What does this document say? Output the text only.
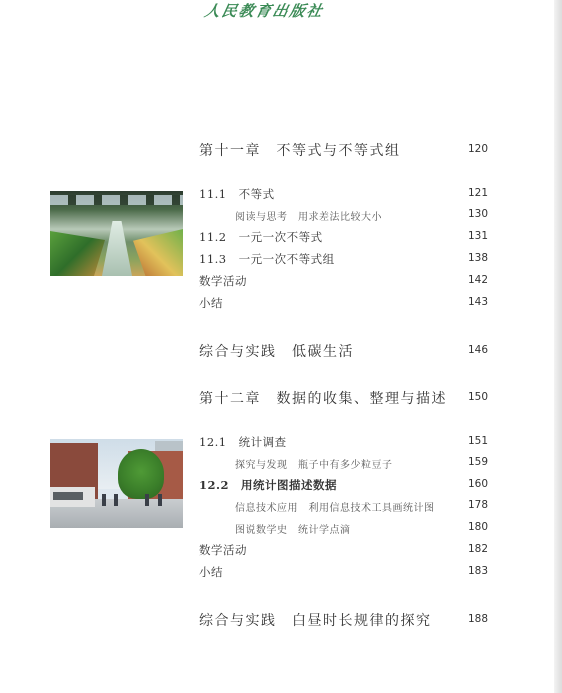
人民教育出版社
第十一章　不等式与不等式组	120
11.1　不等式	121
阅读与思考　用求差法比较大小	130
11.2　一元一次不等式	131
11.3　一元一次不等式组	138
数学活动	142
小结	143
综合与实践　低碳生活	146
第十二章　数据的收集、整理与描述	150
12.1　统计调查	151
探究与发现　瓶子中有多少粒豆子	159
12.2　用统计图描述数据	160
信息技术应用　利用信息技术工具画统计图	178
图说数学史　统计学点滴	180
数学活动	182
小结	183
综合与实践　白昼时长规律的探究	188
